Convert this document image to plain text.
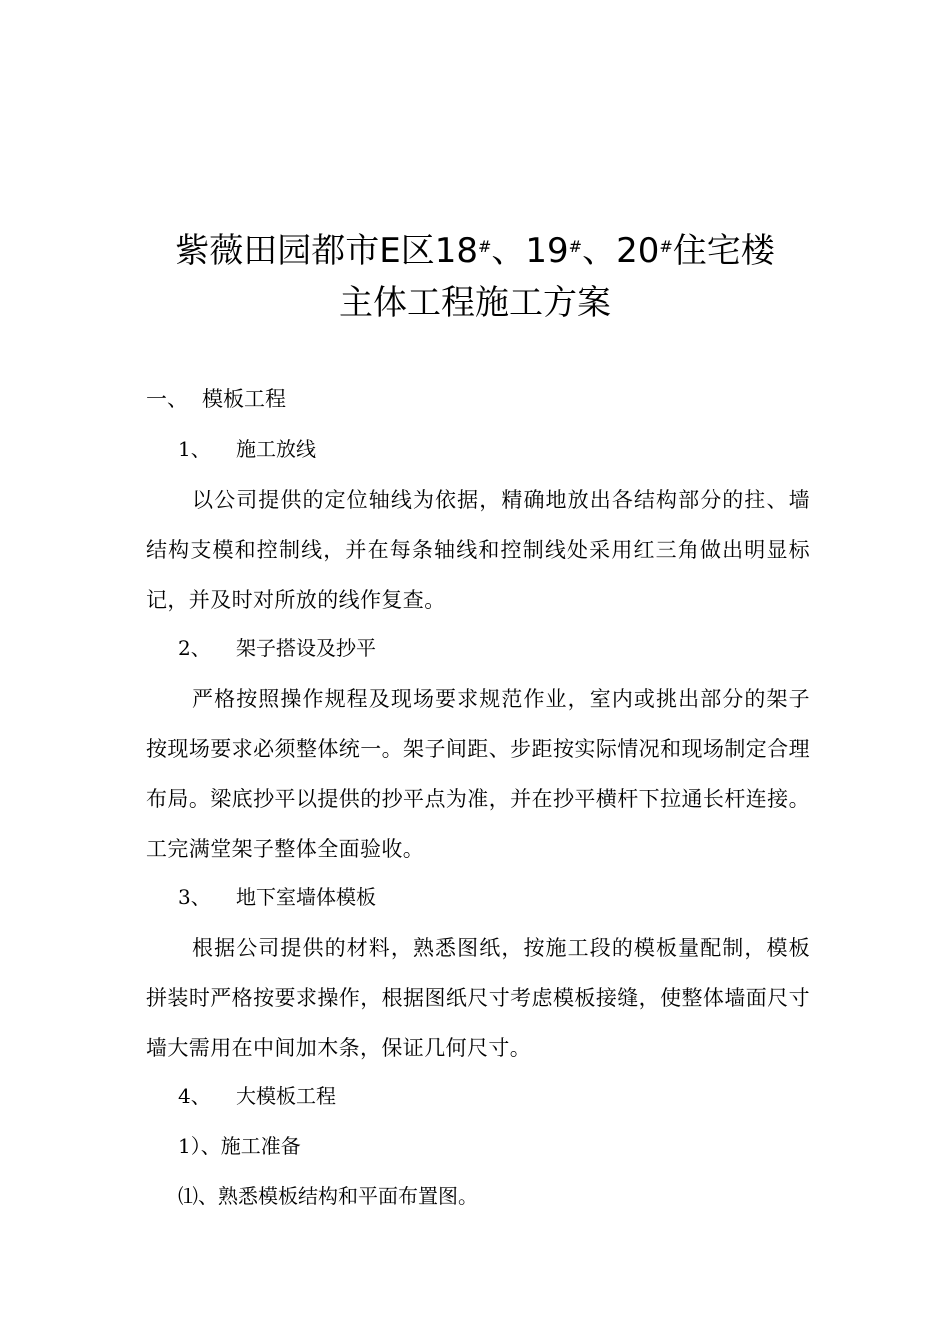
紫薇田园都市E区18#、19#、20#住宅楼
主体工程施工方案
一、 模板工程
1、 施工放线
以公司提供的定位轴线为依据，精确地放出各结构部分的拄、墙结构支模和控制线，并在每条轴线和控制线处采用红三角做出明显标记，并及时对所放的线作复查。
2、 架子搭设及抄平
严格按照操作规程及现场要求规范作业，室内或挑出部分的架子按现场要求必须整体统一。架子间距、步距按实际情况和现场制定合理布局。梁底抄平以提供的抄平点为准，并在抄平横杆下拉通长杆连接。工完满堂架子整体全面验收。
3、 地下室墙体模板
根据公司提供的材料，熟悉图纸，按施工段的模板量配制，模板拼装时严格按要求操作，根据图纸尺寸考虑模板接缝，使整体墙面尺寸墙大需用在中间加木条，保证几何尺寸。
4、 大模板工程
1）、施工准备
⑴、熟悉模板结构和平面布置图。
